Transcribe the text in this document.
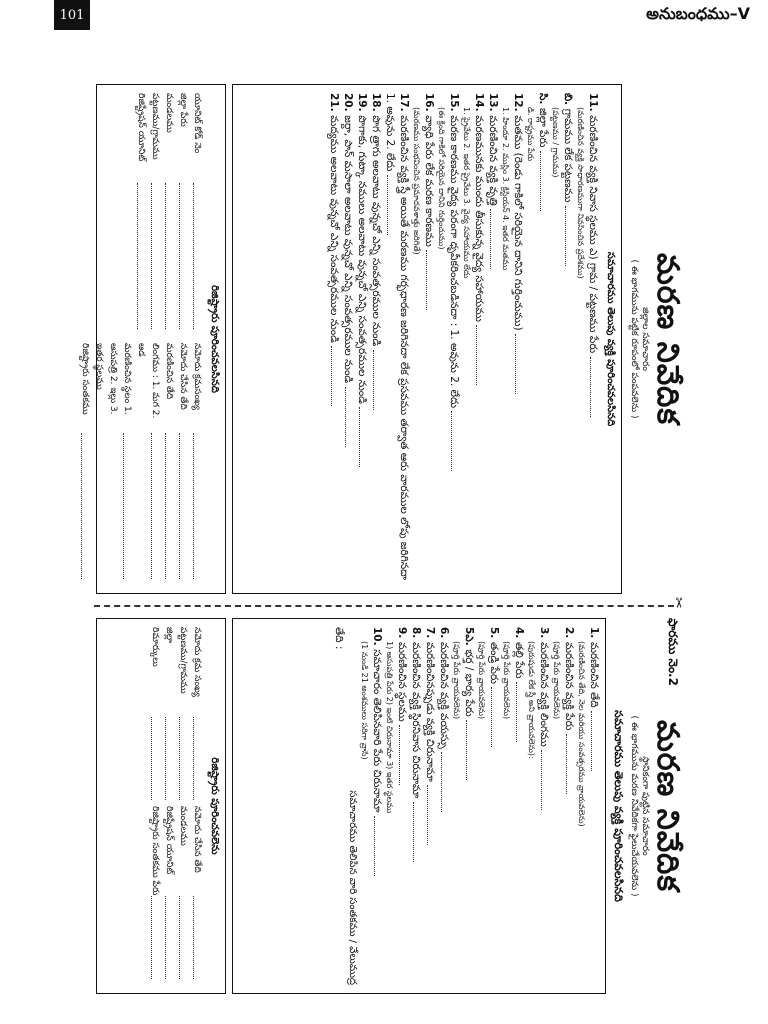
101	అనుబంధము–V
మరణ నివేదిక
జిల్లాల సమాచారం
( ఈ భాగమును పట్టిక రూపంలో పంపవలెను )
సమాచారము తెలుపు వ్యక్తి పూరించవలసినది
11. మరణించిన వ్యక్తి నివాస స్థలము ఎ) గ్రామ / పట్టణము పేరు
(మరణించిన వ్యక్తి సాధారణముగా నివసించిన ప్రదేశము)
బి. గ్రామము లేక పట్టణము
(పట్టణము / గ్రామము)
సి. జిల్లా పేరు
డి. రాష్ట్రము పేరు
12. మతము (రెండు గాకిలో సరియైన దానిని గుర్తించుము)
1. హిందూ 2. ముస్లిం 3. క్రిస్టియన్ 4. ఇతర మతము
13. మరణించిన వ్యక్తి వృత్తి
14. మరణమునకు ముందు తీసుకున్న వైద్య సహాయము
1. ప్రైవేటు 2. ఇతర ప్రైవేటు 3. వైద్య సహాయము లేదు
15. మరణ కారణము వైద్య పరంగా ధృవీకరించబడినదా : 1. అవును 2. లేదు
(ఈ క్రింది గాకిలో సరియైన దానిని గుర్తించుము)
16. వ్యాధి పేరు లేక మరణ కారణము
(మరణము సంభవించిన ప్రమాదవశాత్తు జరిగితే)
17. మరణించిన వ్యక్తి స్త్రీ అయితే మరణము గర్భధారణ జరిగినదా లేక ప్రసవము తర్వాత ఆరు వారముల లోపు జరిగినదా 1. అవును 2. లేదు
18. పొగ త్రాగు అలవాటు వున్నచో ఎన్ని సంవత్సరముల నుండి
19. పొగాకు, గుట్కా నములు అలవాటు వున్నచో ఎన్ని సంవత్సరముల నుండి
20. జర్దా, పాన్ మసాలా అలవాటు వున్నచో ఎన్ని సంవత్సరముల నుండి
21. మద్యము అలవాటు వున్నచో ఎన్ని సంవత్సరముల నుండి
రిజిష్ట్రారు పూరించవలసినది
యూనిట్ కోడ్ నెం
జిల్లా పేరు
మండలము
పట్టణము/గ్రామము
రిజిష్ట్రేషన్ యూనిట్
నమోదు క్రమసంఖ్య
నమోదు చేసిన తేది
మరణించిన తేది
లింగము : 1. మగ 2. ఆడ
మరణించిన స్థలం 1. ఆసుపత్రి 2. ఇల్లు 3. ఇతర స్థలము
రిజిష్ట్రారు సంతకము
✂
ఫారము నెం.2
మరణ నివేదిక
స్థానికంగా పుట్టిన సమాచారం
( ఈ భాగమును మరణ నివేదికగా ఫైలుచేయవలెను )
సమాచారము తెలుపు వ్యక్తి పూరించవలసినది
1. మరణించిన తేది
(మరణించిన తేది, నెల మరియు సంవత్సరము వ్రాయవలెను)
2. మరణించిన వ్యక్తి పేరు
(పూర్తి పేరు వ్రాయవలెను)
3. మరణించిన వ్యక్తి లింగము
(పురుషుడు లేక స్త్రీ అని వ్రాయవలెను):
4. తల్లి పేరు
(పూర్తి పేరు వ్రాయవలెను)
5. తండ్రి పేరు
(పూర్తి పేరు వ్రాయవలెను)
5ఎ. భర్త / భార్య పేరు
(పూర్తి పేరు వ్రాయవలెను)
6. మరణించిన వ్యక్తి వయస్సు
7. మరణించినప్పుడు వ్యక్తి చిరునామా
8. మరణించిన వ్యక్తి స్థిరనివాస చిరునామా
9. మరణించిన స్థలము
1) ఆసుపత్రి పేరు 2) ఇంటి చిరునామా 3) ఇతర స్థలము
10. సమాచారం తెలిపినవారి పేరు చిరునామా
(1 నుండి 21 అంశములు సరిగా వ్రాసి)
సమాచారము తెలిపిన వారి సంతకము / వేలుముద్ర
తేది :
రిజిష్ట్రారు పూరించవలెను
నమోదు క్రమ సంఖ్య
నమోదు చేసిన తేది
పట్టణము/గ్రామము
మండలము
జిల్లా
రిజిష్ట్రేషన్ యూనిట్
రిమార్కులు
రిజిష్ట్రారు సంతకము పేరు
